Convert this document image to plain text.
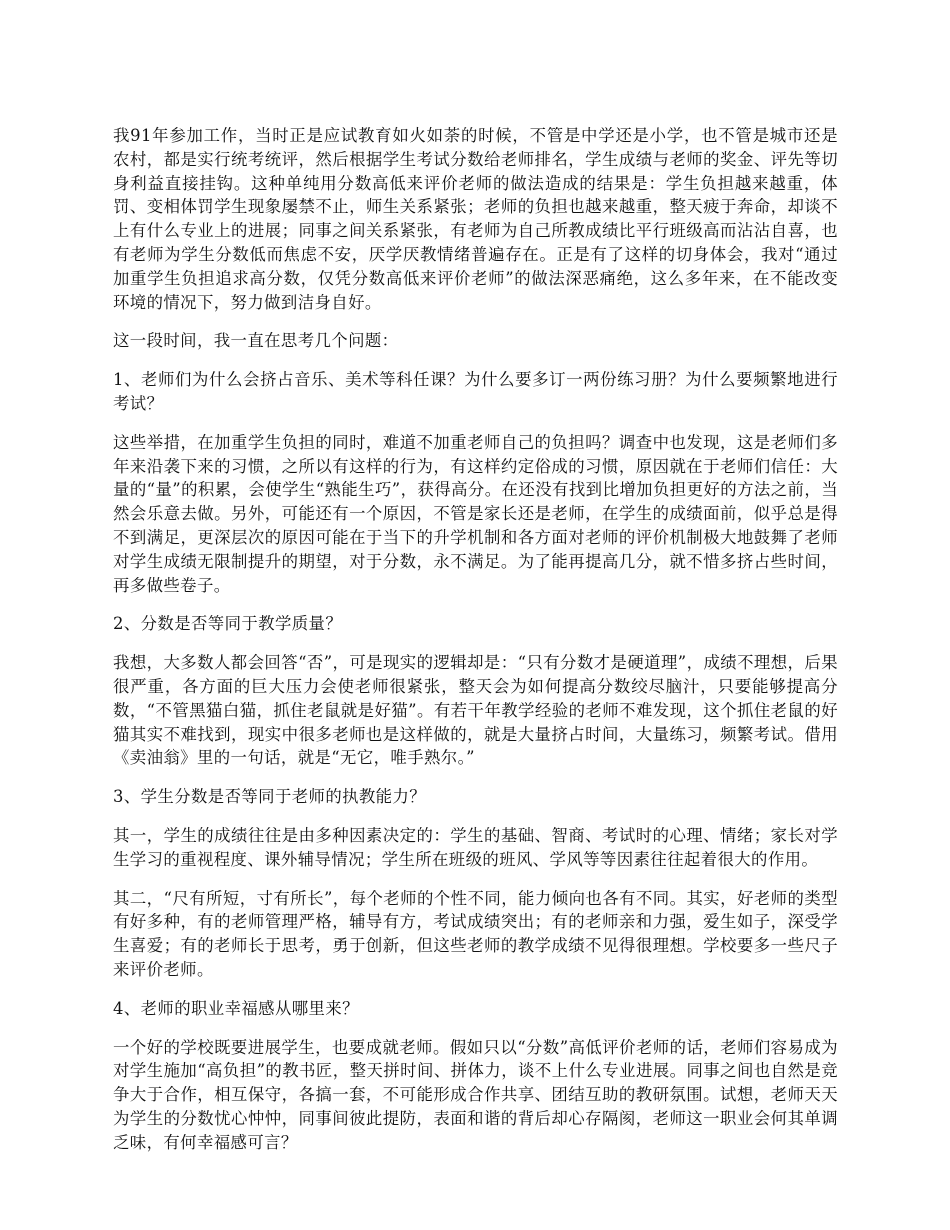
我91年参加工作，当时正是应试教育如火如荼的时候，不管是中学还是小学，也不管是城市还是农村，都是实行统考统评，然后根据学生考试分数给老师排名，学生成绩与老师的奖金、评先等切身利益直接挂钩。这种单纯用分数高低来评价老师的做法造成的结果是：学生负担越来越重，体罚、变相体罚学生现象屡禁不止，师生关系紧张；老师的负担也越来越重，整天疲于奔命，却谈不上有什么专业上的进展；同事之间关系紧张，有老师为自己所教成绩比平行班级高而沾沾自喜，也有老师为学生分数低而焦虑不安，厌学厌教情绪普遍存在。正是有了这样的切身体会，我对“通过加重学生负担追求高分数，仅凭分数高低来评价老师”的做法深恶痛绝，这么多年来，在不能改变环境的情况下，努力做到洁身自好。

这一段时间，我一直在思考几个问题：

1、老师们为什么会挤占音乐、美术等科任课？为什么要多订一两份练习册？为什么要频繁地进行考试？

这些举措，在加重学生负担的同时，难道不加重老师自己的负担吗？调查中也发现，这是老师们多年来沿袭下来的习惯，之所以有这样的行为，有这样约定俗成的习惯，原因就在于老师们信任：大量的“量”的积累，会使学生“熟能生巧”，获得高分。在还没有找到比增加负担更好的方法之前，当然会乐意去做。另外，可能还有一个原因，不管是家长还是老师，在学生的成绩面前，似乎总是得不到满足，更深层次的原因可能在于当下的升学机制和各方面对老师的评价机制极大地鼓舞了老师对学生成绩无限制提升的期望，对于分数，永不满足。为了能再提高几分，就不惜多挤占些时间，再多做些卷子。

2、分数是否等同于教学质量？

我想，大多数人都会回答“否”，可是现实的逻辑却是：“只有分数才是硬道理”，成绩不理想，后果很严重，各方面的巨大压力会使老师很紧张，整天会为如何提高分数绞尽脑汁，只要能够提高分数，“不管黑猫白猫，抓住老鼠就是好猫”。有若干年教学经验的老师不难发现，这个抓住老鼠的好猫其实不难找到，现实中很多老师也是这样做的，就是大量挤占时间，大量练习，频繁考试。借用《卖油翁》里的一句话，就是“无它，唯手熟尔。”

3、学生分数是否等同于老师的执教能力？

其一，学生的成绩往往是由多种因素决定的：学生的基础、智商、考试时的心理、情绪；家长对学生学习的重视程度、课外辅导情况；学生所在班级的班风、学风等等因素往往起着很大的作用。

其二，“尺有所短，寸有所长”，每个老师的个性不同，能力倾向也各有不同。其实，好老师的类型有好多种，有的老师管理严格，辅导有方，考试成绩突出；有的老师亲和力强，爱生如子，深受学生喜爱；有的老师长于思考，勇于创新，但这些老师的教学成绩不见得很理想。学校要多一些尺子来评价老师。

4、老师的职业幸福感从哪里来？

一个好的学校既要进展学生，也要成就老师。假如只以“分数”高低评价老师的话，老师们容易成为对学生施加“高负担”的教书匠，整天拼时间、拼体力，谈不上什么专业进展。同事之间也自然是竞争大于合作，相互保守，各搞一套，不可能形成合作共享、团结互助的教研氛围。试想，老师天天为学生的分数忧心忡忡，同事间彼此提防，表面和谐的背后却心存隔阂，老师这一职业会何其单调乏味，有何幸福感可言？
